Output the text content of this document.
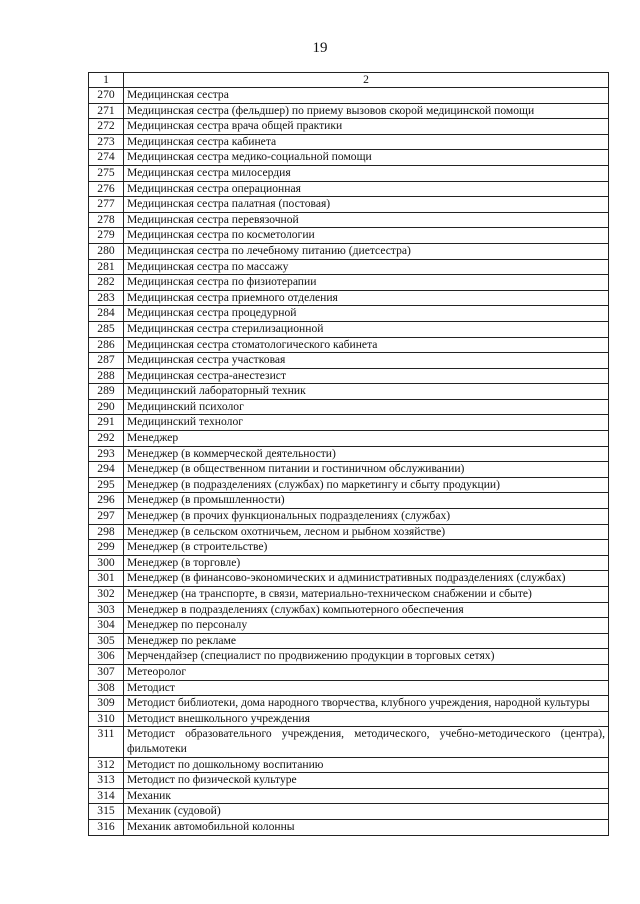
19
1	2
270	Медицинская сестра
271	Медицинская сестра (фельдшер) по приему вызовов скорой медицинской помощи
272	Медицинская сестра врача общей практики
273	Медицинская сестра кабинета
274	Медицинская сестра медико-социальной помощи
275	Медицинская сестра милосердия
276	Медицинская сестра операционная
277	Медицинская сестра палатная (постовая)
278	Медицинская сестра перевязочной
279	Медицинская сестра по косметологии
280	Медицинская сестра по лечебному питанию (диетсестра)
281	Медицинская сестра по массажу
282	Медицинская сестра по физиотерапии
283	Медицинская сестра приемного отделения
284	Медицинская сестра процедурной
285	Медицинская сестра стерилизационной
286	Медицинская сестра стоматологического кабинета
287	Медицинская сестра участковая
288	Медицинская сестра-анестезист
289	Медицинский лабораторный техник
290	Медицинский психолог
291	Медицинский технолог
292	Менеджер
293	Менеджер (в коммерческой деятельности)
294	Менеджер (в общественном питании и гостиничном обслуживании)
295	Менеджер (в подразделениях (службах) по маркетингу и сбыту продукции)
296	Менеджер (в промышленности)
297	Менеджер (в прочих функциональных подразделениях (службах)
298	Менеджер (в сельском охотничьем, лесном и рыбном хозяйстве)
299	Менеджер (в строительстве)
300	Менеджер (в торговле)
301	Менеджер (в финансово-экономических и административных подразделениях (службах)
302	Менеджер (на транспорте, в связи, материально-техническом снабжении и сбыте)
303	Менеджер в подразделениях (службах) компьютерного обеспечения
304	Менеджер по персоналу
305	Менеджер по рекламе
306	Мерчендайзер (специалист по продвижению продукции в торговых сетях)
307	Метеоролог
308	Методист
309	Методист библиотеки, дома народного творчества, клубного учреждения, народной культуры
310	Методист внешкольного учреждения
311	Методист образовательного учреждения, методического, учебно-методического (центра), фильмотеки
312	Методист по дошкольному воспитанию
313	Методист по физической культуре
314	Механик
315	Механик (судовой)
316	Механик автомобильной колонны
